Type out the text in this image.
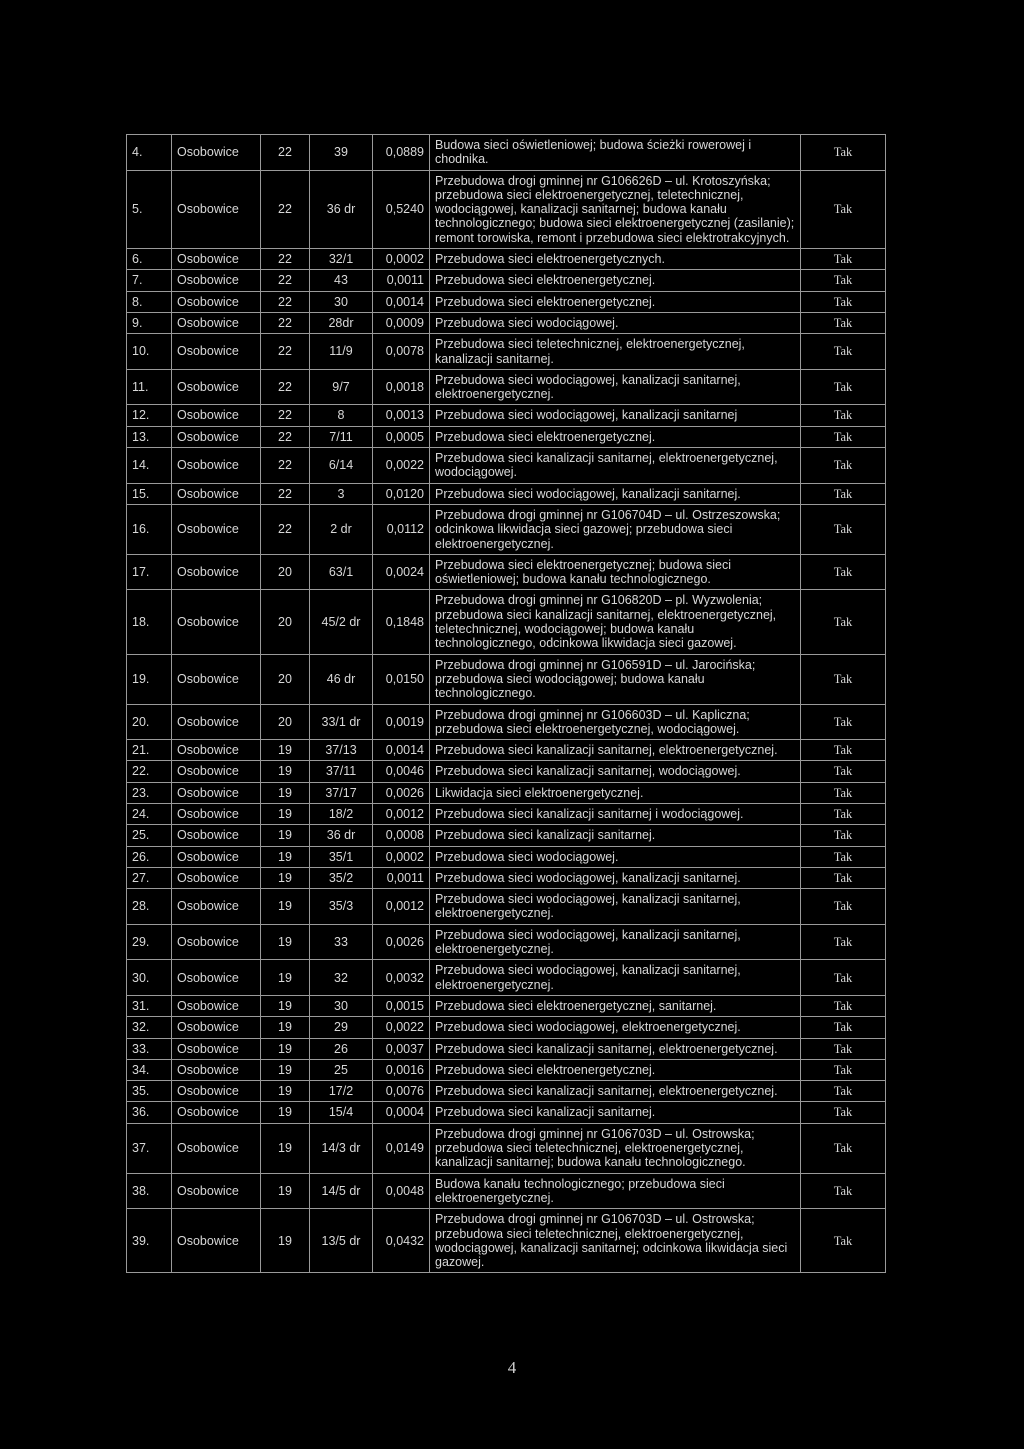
4.	Osobowice	22	39	0,0889	Budowa sieci oświetleniowej; budowa ścieżki rowerowej i chodnika.	Tak
5.	Osobowice	22	36 dr	0,5240	Przebudowa drogi gminnej nr G106626D – ul. Krotoszyńska; przebudowa sieci elektroenergetycznej, teletechnicznej, wodociągowej, kanalizacji sanitarnej; budowa kanału technologicznego; budowa sieci elektroenergetycznej (zasilanie); remont torowiska, remont i przebudowa sieci elektrotrakcyjnych.	Tak
6.	Osobowice	22	32/1	0,0002	Przebudowa sieci elektroenergetycznych.	Tak
7.	Osobowice	22	43	0,0011	Przebudowa sieci elektroenergetycznej.	Tak
8.	Osobowice	22	30	0,0014	Przebudowa sieci elektroenergetycznej.	Tak
9.	Osobowice	22	28dr	0,0009	Przebudowa sieci wodociągowej.	Tak
10.	Osobowice	22	11/9	0,0078	Przebudowa sieci teletechnicznej, elektroenergetycznej, kanalizacji sanitarnej.	Tak
11.	Osobowice	22	9/7	0,0018	Przebudowa sieci wodociągowej, kanalizacji sanitarnej, elektroenergetycznej.	Tak
12.	Osobowice	22	8	0,0013	Przebudowa sieci wodociągowej, kanalizacji sanitarnej	Tak
13.	Osobowice	22	7/11	0,0005	Przebudowa sieci elektroenergetycznej.	Tak
14.	Osobowice	22	6/14	0,0022	Przebudowa sieci kanalizacji sanitarnej, elektroenergetycznej, wodociągowej.	Tak
15.	Osobowice	22	3	0,0120	Przebudowa sieci wodociągowej, kanalizacji sanitarnej.	Tak
16.	Osobowice	22	2 dr	0,0112	Przebudowa drogi gminnej nr G106704D – ul. Ostrzeszowska; odcinkowa likwidacja sieci gazowej; przebudowa sieci elektroenergetycznej.	Tak
17.	Osobowice	20	63/1	0,0024	Przebudowa sieci elektroenergetycznej; budowa sieci oświetleniowej; budowa kanału technologicznego.	Tak
18.	Osobowice	20	45/2 dr	0,1848	Przebudowa drogi gminnej nr G106820D – pl. Wyzwolenia; przebudowa sieci kanalizacji sanitarnej, elektroenergetycznej, teletechnicznej, wodociągowej; budowa kanału technologicznego, odcinkowa likwidacja sieci gazowej.	Tak
19.	Osobowice	20	46 dr	0,0150	Przebudowa drogi gminnej nr G106591D – ul. Jarocińska; przebudowa sieci wodociągowej; budowa kanału technologicznego.	Tak
20.	Osobowice	20	33/1 dr	0,0019	Przebudowa drogi gminnej nr G106603D – ul. Kapliczna; przebudowa sieci elektroenergetycznej, wodociągowej.	Tak
21.	Osobowice	19	37/13	0,0014	Przebudowa sieci kanalizacji sanitarnej, elektroenergetycznej.	Tak
22.	Osobowice	19	37/11	0,0046	Przebudowa sieci kanalizacji sanitarnej, wodociągowej.	Tak
23.	Osobowice	19	37/17	0,0026	Likwidacja sieci elektroenergetycznej.	Tak
24.	Osobowice	19	18/2	0,0012	Przebudowa sieci kanalizacji sanitarnej i wodociągowej.	Tak
25.	Osobowice	19	36 dr	0,0008	Przebudowa sieci kanalizacji sanitarnej.	Tak
26.	Osobowice	19	35/1	0,0002	Przebudowa sieci wodociągowej.	Tak
27.	Osobowice	19	35/2	0,0011	Przebudowa sieci wodociągowej, kanalizacji sanitarnej.	Tak
28.	Osobowice	19	35/3	0,0012	Przebudowa sieci wodociągowej, kanalizacji sanitarnej, elektroenergetycznej.	Tak
29.	Osobowice	19	33	0,0026	Przebudowa sieci wodociągowej, kanalizacji sanitarnej, elektroenergetycznej.	Tak
30.	Osobowice	19	32	0,0032	Przebudowa sieci wodociągowej, kanalizacji sanitarnej, elektroenergetycznej.	Tak
31.	Osobowice	19	30	0,0015	Przebudowa sieci elektroenergetycznej, sanitarnej.	Tak
32.	Osobowice	19	29	0,0022	Przebudowa sieci wodociągowej, elektroenergetycznej.	Tak
33.	Osobowice	19	26	0,0037	Przebudowa sieci kanalizacji sanitarnej, elektroenergetycznej.	Tak
34.	Osobowice	19	25	0,0016	Przebudowa sieci elektroenergetycznej.	Tak
35.	Osobowice	19	17/2	0,0076	Przebudowa sieci kanalizacji sanitarnej, elektroenergetycznej.	Tak
36.	Osobowice	19	15/4	0,0004	Przebudowa sieci kanalizacji sanitarnej.	Tak
37.	Osobowice	19	14/3 dr	0,0149	Przebudowa drogi gminnej nr G106703D – ul. Ostrowska; przebudowa sieci teletechnicznej, elektroenergetycznej, kanalizacji sanitarnej; budowa kanału technologicznego.	Tak
38.	Osobowice	19	14/5 dr	0,0048	Budowa kanału technologicznego; przebudowa sieci elektroenergetycznej.	Tak
39.	Osobowice	19	13/5 dr	0,0432	Przebudowa drogi gminnej nr G106703D – ul. Ostrowska; przebudowa sieci teletechnicznej, elektroenergetycznej, wodociągowej, kanalizacji sanitarnej; odcinkowa likwidacja sieci gazowej.	Tak
4
